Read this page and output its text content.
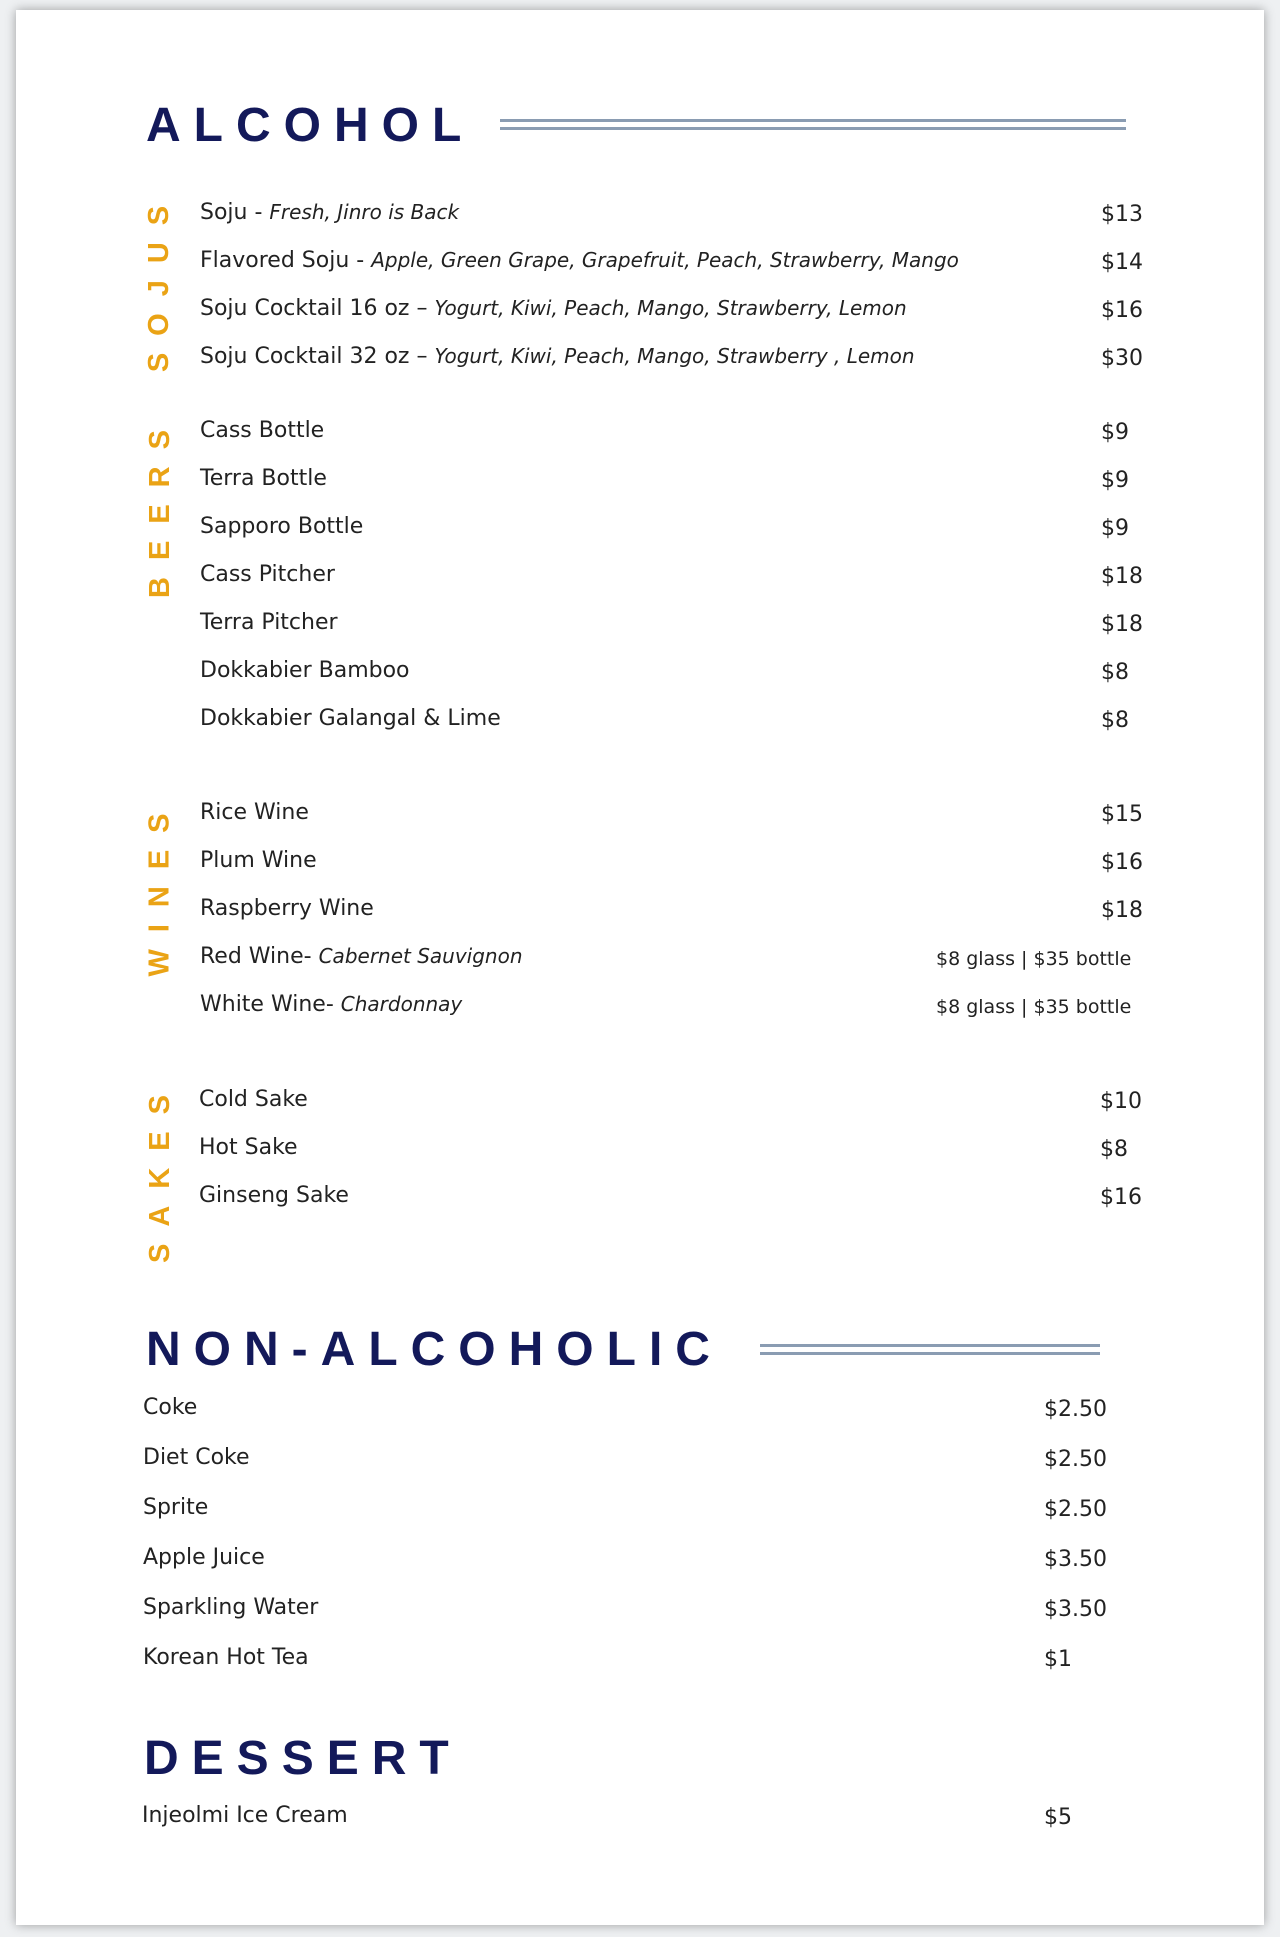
ALCOHOL
SOJUS Soju - Fresh, Jinro is Back	$13
Flavored Soju - Apple, Green Grape, Grapefruit, Peach, Strawberry, Mango	$14
Soju Cocktail 16 oz – Yogurt, Kiwi, Peach, Mango, Strawberry, Lemon	$16
Soju Cocktail 32 oz – Yogurt, Kiwi, Peach, Mango, Strawberry , Lemon	$30
BEERS Cass Bottle	$9
Terra Bottle	$9
Sapporo Bottle	$9
Cass Pitcher	$18
Terra Pitcher	$18
Dokkabier Bamboo	$8
Dokkabier Galangal & Lime	$8
WINES Rice Wine	$15
Plum Wine	$16
Raspberry Wine	$18
Red Wine- Cabernet Sauvignon	$8 glass | $35 bottle
White Wine- Chardonnay	$8 glass | $35 bottle
SAKES Cold Sake	$10
Hot Sake	$8
Ginseng Sake	$16
NON-ALCOHOLIC
Coke	$2.50
Diet Coke	$2.50
Sprite	$2.50
Apple Juice	$3.50
Sparkling Water	$3.50
Korean Hot Tea	$1
DESSERT
Injeolmi Ice Cream	$5
